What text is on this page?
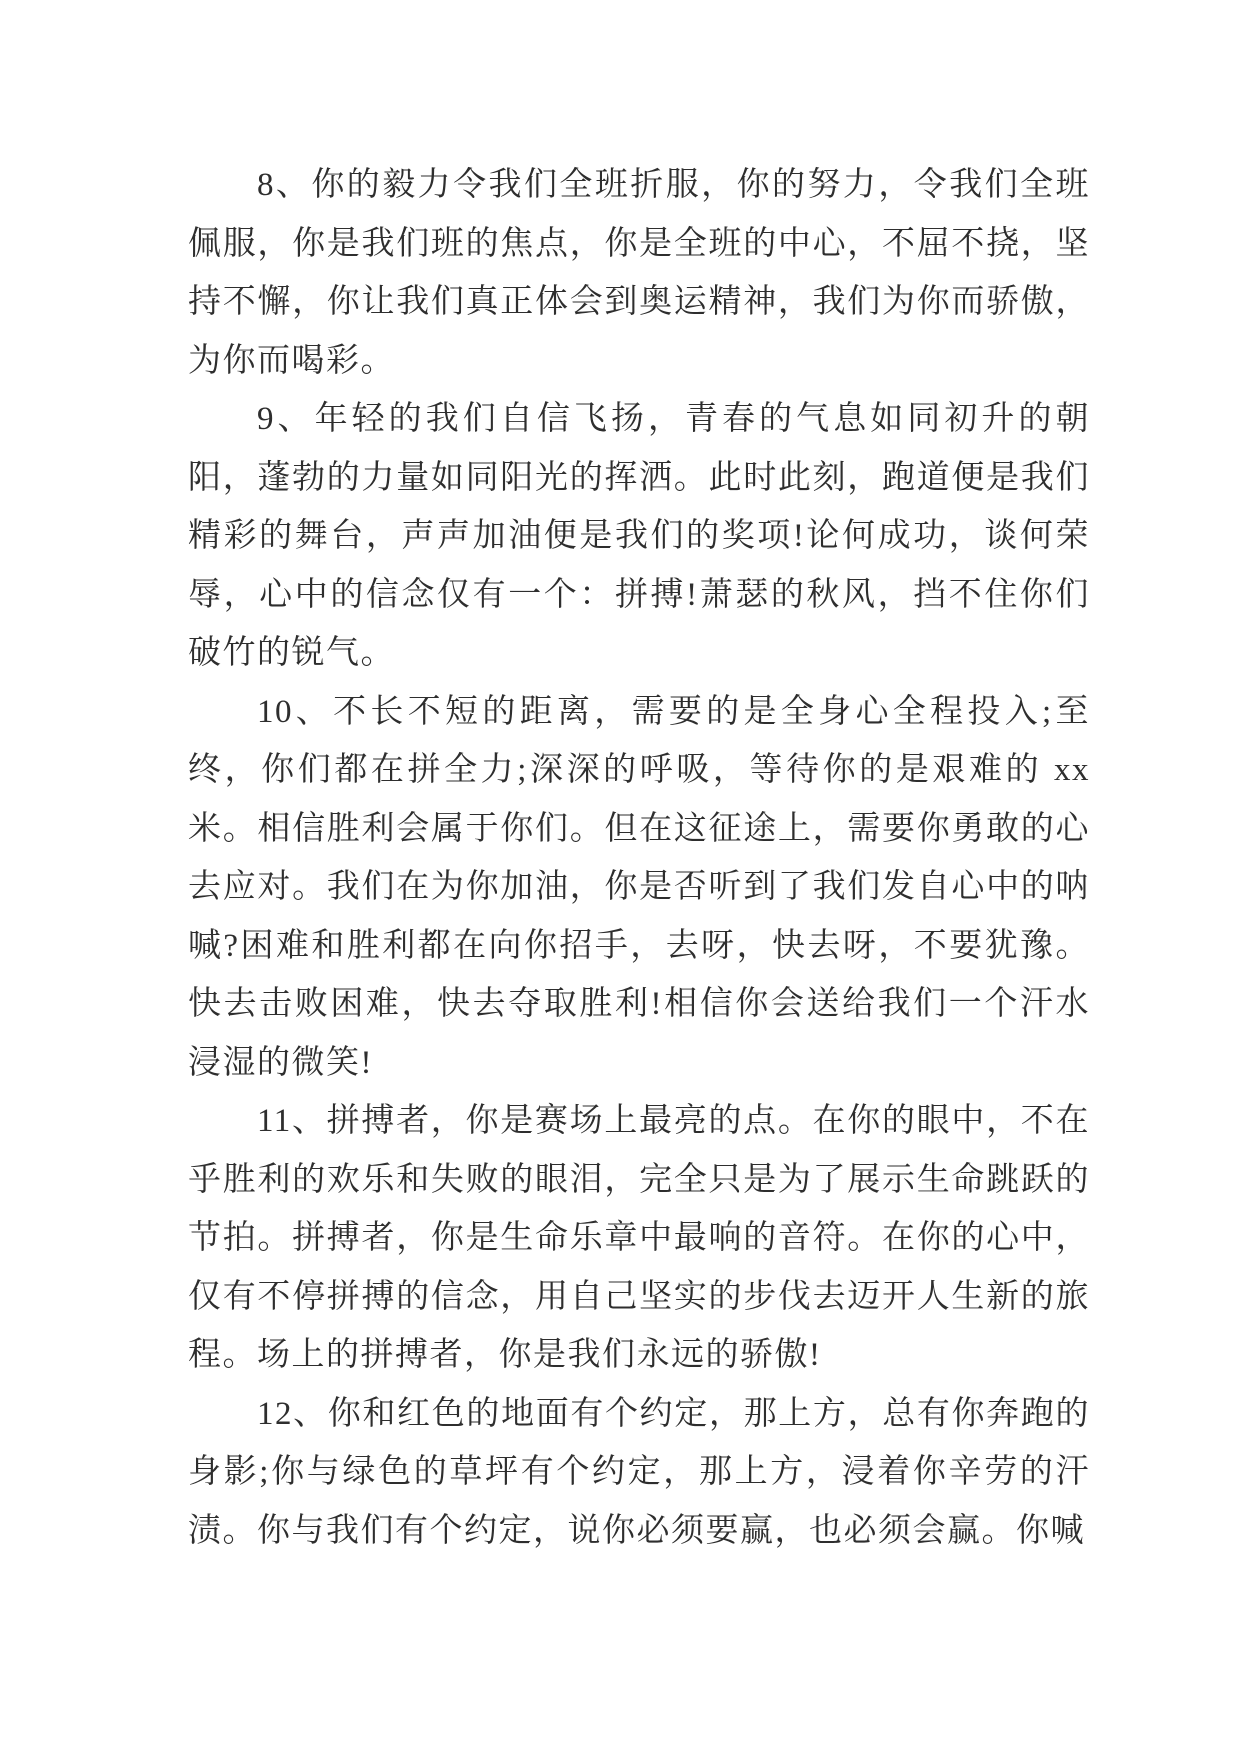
8、你的毅力令我们全班折服，你的努力，令我们全班佩服，你是我们班的焦点，你是全班的中心，不屈不挠，坚持不懈，你让我们真正体会到奥运精神，我们为你而骄傲，为你而喝彩。

9、年轻的我们自信飞扬，青春的气息如同初升的朝阳，蓬勃的力量如同阳光的挥洒。此时此刻，跑道便是我们精彩的舞台，声声加油便是我们的奖项!论何成功，谈何荣辱，心中的信念仅有一个：拼搏!萧瑟的秋风，挡不住你们破竹的锐气。

10、不长不短的距离，需要的是全身心全程投入;至终，你们都在拼全力;深深的呼吸，等待你的是艰难的 xx 米。相信胜利会属于你们。但在这征途上，需要你勇敢的心去应对。我们在为你加油，你是否听到了我们发自心中的呐喊?困难和胜利都在向你招手，去呀，快去呀，不要犹豫。快去击败困难，快去夺取胜利!相信你会送给我们一个汗水浸湿的微笑!

11、拼搏者，你是赛场上最亮的点。在你的眼中，不在乎胜利的欢乐和失败的眼泪，完全只是为了展示生命跳跃的节拍。拼搏者，你是生命乐章中最响的音符。在你的心中，仅有不停拼搏的信念，用自己坚实的步伐去迈开人生新的旅程。场上的拼搏者，你是我们永远的骄傲!

12、你和红色的地面有个约定，那上方，总有你奔跑的身影;你与绿色的草坪有个约定，那上方，浸着你辛劳的汗渍。你与我们有个约定，说你必须要赢，也必须会赢。你喊
